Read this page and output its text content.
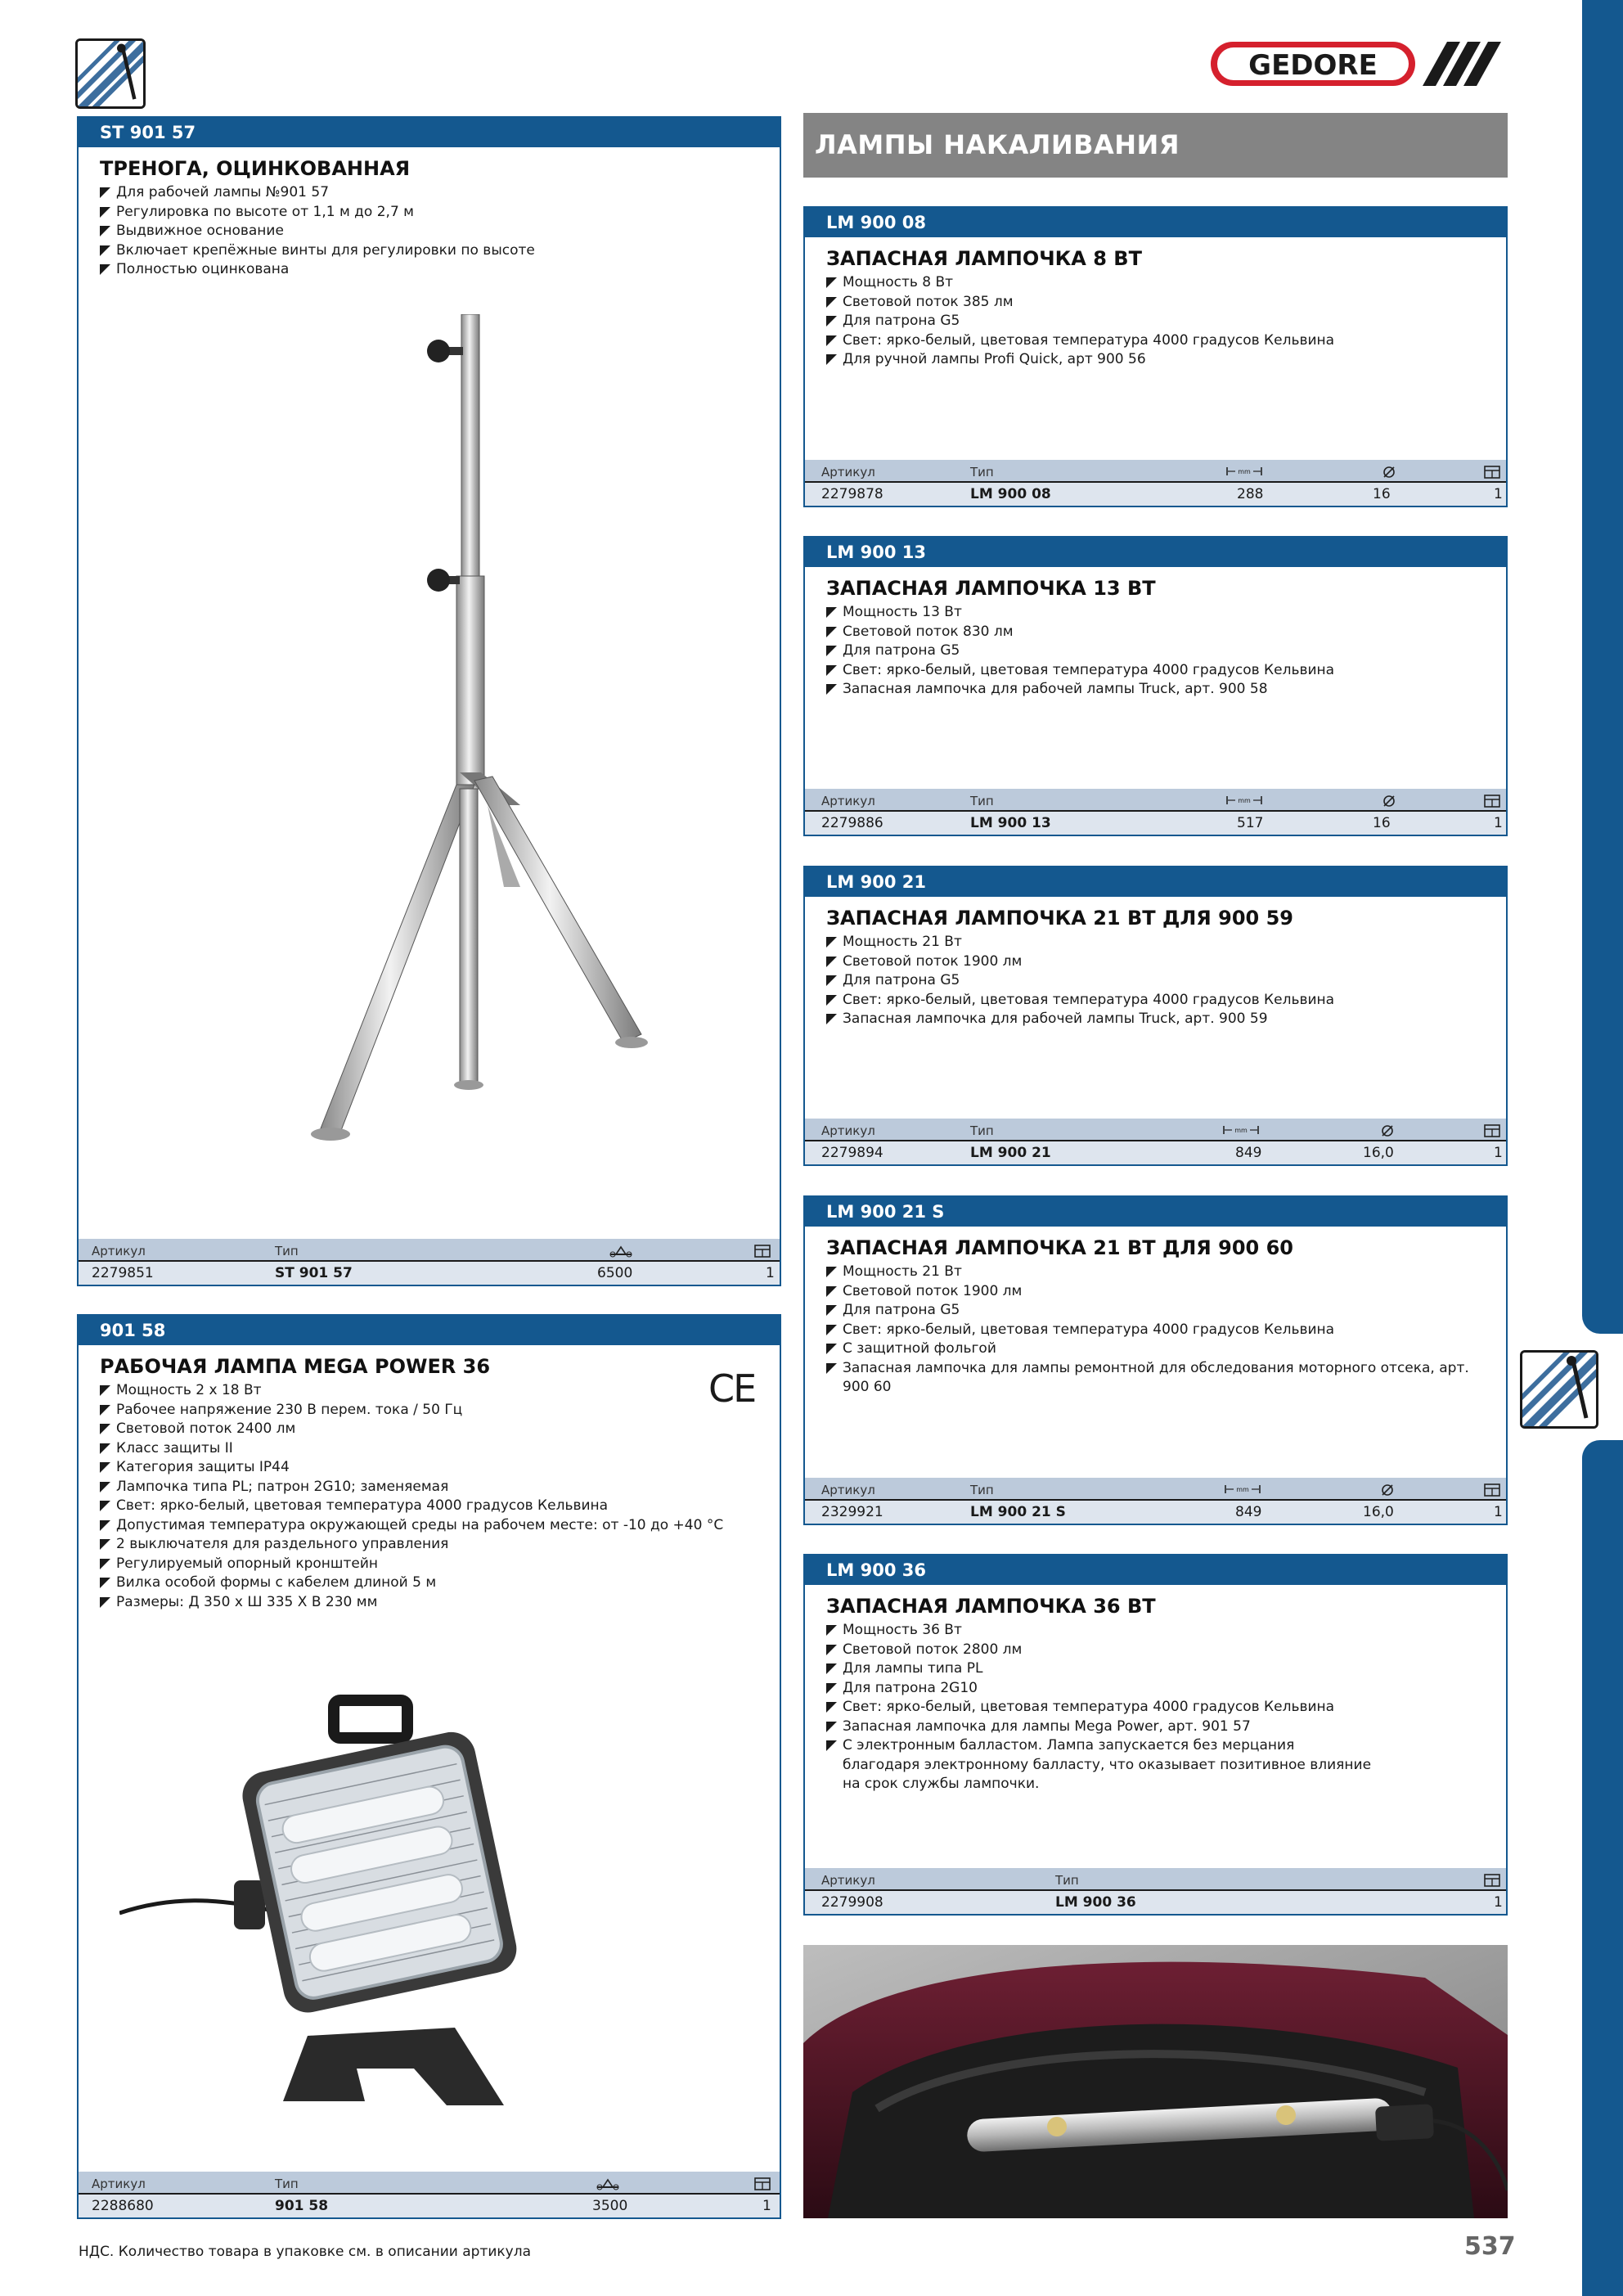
GEDORE
ЛАМПЫ НАКАЛИВАНИЯ
ST 901 57
ТРЕНОГА, ОЦИНКОВАННАЯ
Для рабочей лампы №901 57
Регулировка по высоте от 1,1 м до 2,7 м
Выдвижное основание
Включает крепёжные винты для регулировки по высоте
Полностью оцинкована
Артикул	Тип
2279851	ST 901 57	6500	1
901 58
РАБОЧАЯ ЛАМПА MEGA POWER 36
Мощность 2 x 18 Вт
Рабочее напряжение 230 В перем. тока / 50 Гц
Световой поток 2400 лм
Класс защиты II
Категория защиты IP44
Лампочка типа PL; патрон 2G10; заменяемая
Свет: ярко-белый, цветовая температура 4000 градусов Кельвина
Допустимая температура окружающей среды на рабочем месте: от -10 до +40 °С
2 выключателя для раздельного управления
Регулируемый опорный кронштейн
Вилка особой формы с кабелем длиной 5 м
Размеры: Д 350 x Ш 335 X В 230 мм
CE
Артикул	Тип
2288680	901 58	3500	1
LM 900 08
ЗАПАСНАЯ ЛАМПОЧКА 8 ВТ
Мощность 8 Вт
Световой поток 385 лм
Для патрона G5
Свет: ярко-белый, цветовая температура 4000 градусов Кельвина
Для ручной лампы Profi Quick, арт 900 56
Артикул	Тип	mm
2279878	LM 900 08	288	16	1
LM 900 13
ЗАПАСНАЯ ЛАМПОЧКА 13 ВТ
Мощность 13 Вт
Световой поток 830 лм
Для патрона G5
Свет: ярко-белый, цветовая температура 4000 градусов Кельвина
Запасная лампочка для рабочей лампы Truck, арт. 900 58
Артикул	Тип	mm
2279886	LM 900 13	517	16	1
LM 900 21
ЗАПАСНАЯ ЛАМПОЧКА 21 ВТ ДЛЯ 900 59
Мощность 21 Вт
Световой поток 1900 лм
Для патрона G5
Свет: ярко-белый, цветовая температура 4000 градусов Кельвина
Запасная лампочка для рабочей лампы Truck, арт. 900 59
Артикул	Тип	mm
2279894	LM 900 21	849	16,0	1
LM 900 21 S
ЗАПАСНАЯ ЛАМПОЧКА 21 ВТ ДЛЯ 900 60
Мощность 21 Вт
Световой поток 1900 лм
Для патрона G5
Свет: ярко-белый, цветовая температура 4000 градусов Кельвина
С защитной фольгой
Запасная лампочка для лампы ремонтной для обследования моторного отсека, арт. 900 60
Артикул	Тип	mm
2329921	LM 900 21 S	849	16,0	1
LM 900 36
ЗАПАСНАЯ ЛАМПОЧКА 36 ВТ
Мощность 36 Вт
Световой поток 2800 лм
Для лампы типа PL
Для патрона 2G10
Свет: ярко-белый, цветовая температура 4000 градусов Кельвина
Запасная лампочка для лампы Mega Power, арт. 901 57
С электронным балластом. Лампа запускается без мерцания
благодаря электронному балласту, что оказывает позитивное влияние
на срок службы лампочки.
Артикул	Тип
2279908	LM 900 36	1
НДС. Количество товара в упаковке см. в описании артикула	537
